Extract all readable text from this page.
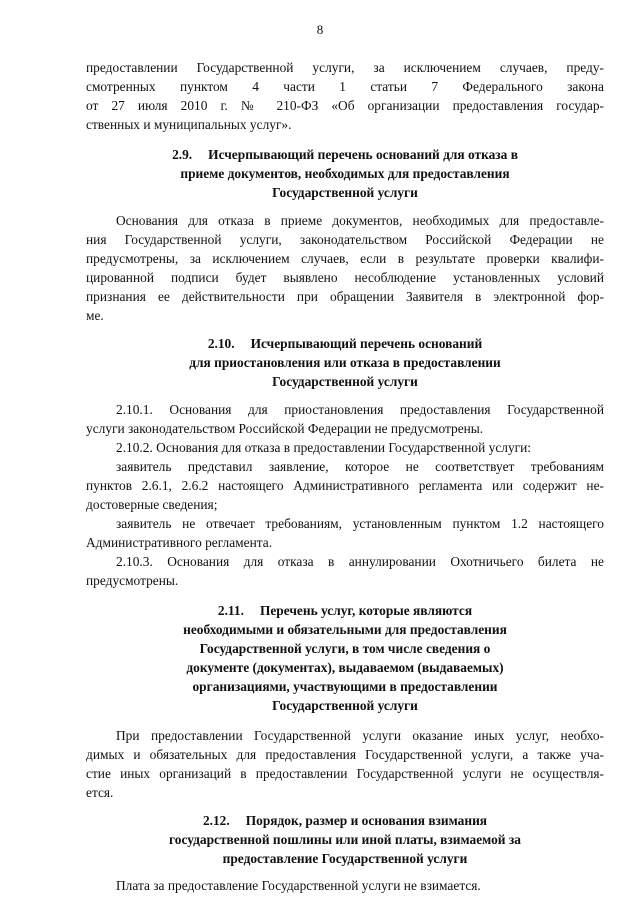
8
предоставлении Государственной услуги, за исключением случаев, преду-
смотренных пунктом 4 части 1 статьи 7 Федерального закона
от 27 июля 2010 г. № 210-ФЗ «Об организации предоставления государ-
ственных и муниципальных услуг».
2.9. Исчерпывающий перечень оснований для отказа в
приеме документов, необходимых для предоставления
Государственной услуги
Основания для отказа в приеме документов, необходимых для предоставле-
ния Государственной услуги, законодательством Российской Федерации не
предусмотрены, за исключением случаев, если в результате проверки квалифи-
цированной подписи будет выявлено несоблюдение установленных условий
признания ее действительности при обращении Заявителя в электронной фор-
ме.
2.10. Исчерпывающий перечень оснований
для приостановления или отказа в предоставлении
Государственной услуги
2.10.1. Основания для приостановления предоставления Государственной
услуги законодательством Российской Федерации не предусмотрены.
2.10.2. Основания для отказа в предоставлении Государственной услуги:
заявитель представил заявление, которое не соответствует требованиям
пунктов 2.6.1, 2.6.2 настоящего Административного регламента или содержит не-
достоверные сведения;
заявитель не отвечает требованиям, установленным пунктом 1.2 настоящего
Административного регламента.
2.10.3. Основания для отказа в аннулировании Охотничьего билета не
предусмотрены.
2.11. Перечень услуг, которые являются
необходимыми и обязательными для предоставления
Государственной услуги, в том числе сведения о
документе (документах), выдаваемом (выдаваемых)
организациями, участвующими в предоставлении
Государственной услуги
При предоставлении Государственной услуги оказание иных услуг, необхо-
димых и обязательных для предоставления Государственной услуги, а также уча-
стие иных организаций в предоставлении Государственной услуги не осуществля-
ется.
2.12. Порядок, размер и основания взимания
государственной пошлины или иной платы, взимаемой за
предоставление Государственной услуги
Плата за предоставление Государственной услуги не взимается.
